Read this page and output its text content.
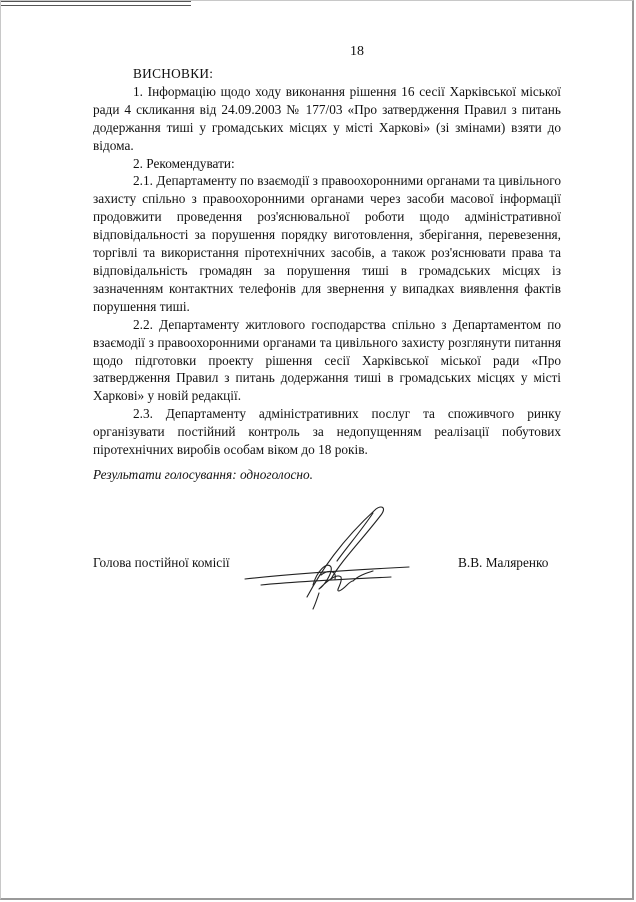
18

ВИСНОВКИ:

1. Інформацію щодо ходу виконання рішення 16 сесії Харківської міської ради 4 скликання від 24.09.2003 № 177/03 «Про затвердження Правил з питань додержання тиші у громадських місцях у місті Харкові» (зі змінами) взяти до відома.

2. Рекомендувати:

2.1. Департаменту по взаємодії з правоохоронними органами та цивільного захисту спільно з правоохоронними органами через засоби масової інформації продовжити проведення роз'яснювальної роботи щодо адміністративної відповідальності за порушення порядку виготовлення, зберігання, перевезення, торгівлі та використання піротехнічних засобів, а також роз'яснювати права та відповідальність громадян за порушення тиші в громадських місцях із зазначенням контактних телефонів для звернення у випадках виявлення фактів порушення тиші.

2.2. Департаменту житлового господарства спільно з Департаментом по взаємодії з правоохоронними органами та цивільного захисту розглянути питання щодо підготовки проекту рішення сесії Харківської міської ради «Про затвердження Правил з питань додержання тиші в громадських місцях у місті Харкові» у новій редакції.

2.3. Департаменту адміністративних послуг та споживчого ринку організувати постійний контроль за недопущенням реалізації побутових піротехнічних виробів особам віком до 18 років.

Результати голосування: одноголосно.
Голова постійної комісії	В.В. Маляренко
